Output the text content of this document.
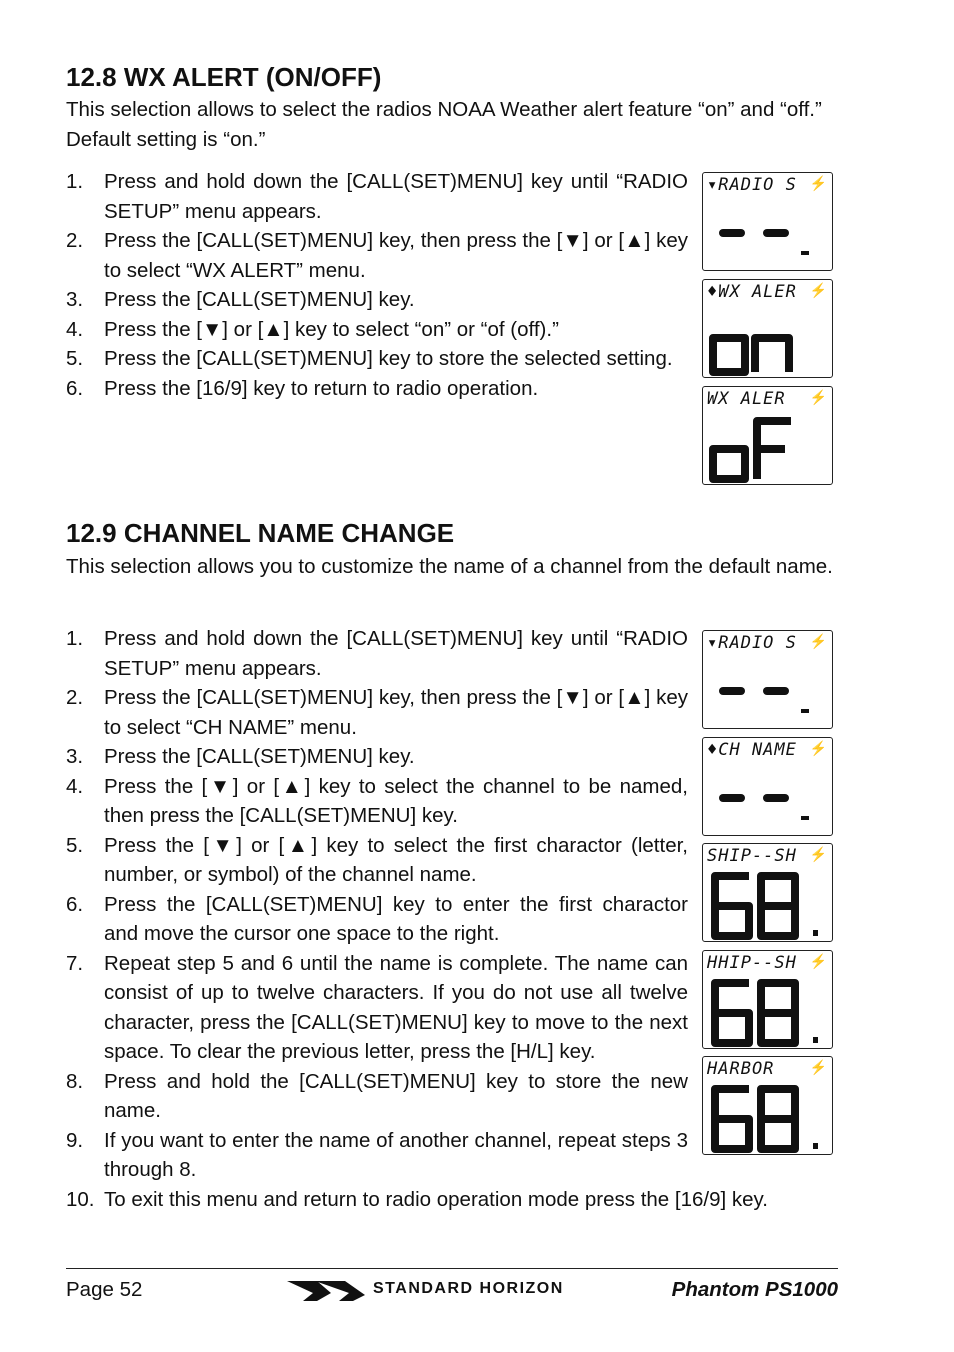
12.8 WX ALERT (ON/OFF)

This selection allows to select the radios NOAA Weather alert feature “on” and “off.” Default setting is “on.”

1. Press and hold down the [CALL(SET)MENU] key until “RADIO SETUP” menu appears.
2. Press the [CALL(SET)MENU] key, then press the [▼] or [▲] key to select “WX ALERT” menu.
3. Press the [CALL(SET)MENU] key.
4. Press the [▼] or [▲] key to select “on” or “of (off).”
5. Press the [CALL(SET)MENU] key to store the selected setting.
6. Press the [16/9] key to return to radio operation.
▾RADIO S ⚡
♦WX ALER ⚡
WX ALER ⚡
12.9 CHANNEL NAME CHANGE

This selection allows you to customize the name of a channel from the default name.

1. Press and hold down the [CALL(SET)MENU] key until “RADIO SETUP” menu appears.
2. Press the [CALL(SET)MENU] key, then press the [▼] or [▲] key to select “CH NAME” menu.
3. Press the [CALL(SET)MENU] key.
4. Press the [▼] or [▲] key to select the channel to be named, then press the [CALL(SET)MENU] key.
5. Press the [▼] or [▲] key to select the first charactor (letter, number, or symbol) of the channel name.
6. Press the [CALL(SET)MENU] key to enter the first charactor and move the cursor one space to the right.
7. Repeat step 5 and 6 until the name is complete. The name can consist of up to twelve characters. If you do not use all twelve character, press the [CALL(SET)MENU] key to move to the next space. To clear the previous letter, press the [H/L] key.
8. Press and hold the [CALL(SET)MENU] key to store the new name.
9. If you want to enter the name of another channel, repeat steps 3 through 8.
10. To exit this menu and return to radio operation mode press the [16/9] key.
▾RADIO S ⚡
♦CH NAME ⚡
SHIP--SH ⚡
HHIP--SH ⚡
HARBOR	⚡
Page 52	STANDARD HORIZON	Phantom PS1000
